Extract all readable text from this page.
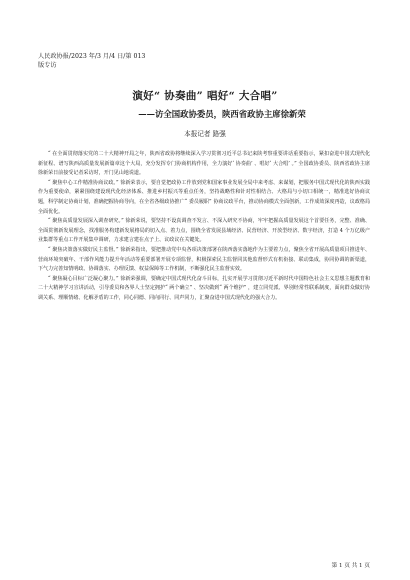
人民政协报/2023 年/3 月/4 日/第 013
版专访
演好“ 协奏曲” 唱好“ 大合唱”
——访全国政协委员，陕西省政协主席徐新荣
本报记者 路强

“ 在全面贯彻落实党的二十大精神开局之年，陕西省政协将继续深入学习贯彻习近平总书记来陕考察重要讲话重要指示，紧扣奋进中国式现代化新征程、谱写陕西高质量发展新篇章这个大局，充分发挥专门协商机构作用，全力演好‘ 协奏曲’ 、唱好‘ 大合唱’ 。” 全国政协委员、陕西省政协主席徐新荣日前接受记者采访时，开门见山地说道。

“ 聚焦中心工作精准协商议政。” 徐新荣表示，要自觉把政协工作放到党和国家事业发展全局中来考虑、来谋划，把服务中国式现代化的陕西实践作为重要使命，紧紧围绕建设现代化经济体系、推进乡村振兴等重点任务，坚持战略性和针对性相结合、大格局与小切口相统一，精准选好协商议题，科学制定协商计划，准确把握协商导向，在全省各级政协推广“ 委员履职” 协商议政平台，推动协商模式全面创新，工作成效深度再造，议政格局全面优化。

“ 聚焦高质量发展深入调查研究。” 徐新荣说，要坚持不设真调查不发言、不深入研究不协商，牢牢把握高质量发展这个首要任务，完整、准确、全面贯彻新发展理念，找准服务构建新发展格局的切入点、着力点，围绕全省发展县域经济、民营经济、开放型经济、数字经济，打造 4 个万亿级产业集群等重点工作开展集中调研，力求建言建在点子上、议政议在关键处。

“ 聚焦决策落实做好民主监督。” 徐新荣指出，要把推动党中央各项决策部署在陕西落实落地作为主要着力点，聚焦全省开展高质量项目推进年、营商环境突破年、干部作风能力提升年活动等重要部署开展专项监督，积极探索民主监督同其他监督形式有机衔接、联动集成，协同协调的新渠道，下气力完善知情明政、协调落实、办理反馈、权益保障等工作机制，不断强化民主监督实效。

“ 聚焦凝心目标广泛凝心聚力。” 徐新荣强调，要确定中国式现代化奋斗目标，扎实开展学习贯彻习近平新时代中国特色社会主义思想主题教育和二十大精神学习宣讲活动，引导委员和各界人士坚定拥护“ 两个确立” 、坚决做到“ 两个维护” ，建立同党派、界别经常性联系制度，面向群众做好协调关系、理顺情绪、化解矛盾的工作，同心同德、同向同行、同声同力，汇聚奋进中国式现代化的强大合力。

第 1 页 共 1 页
